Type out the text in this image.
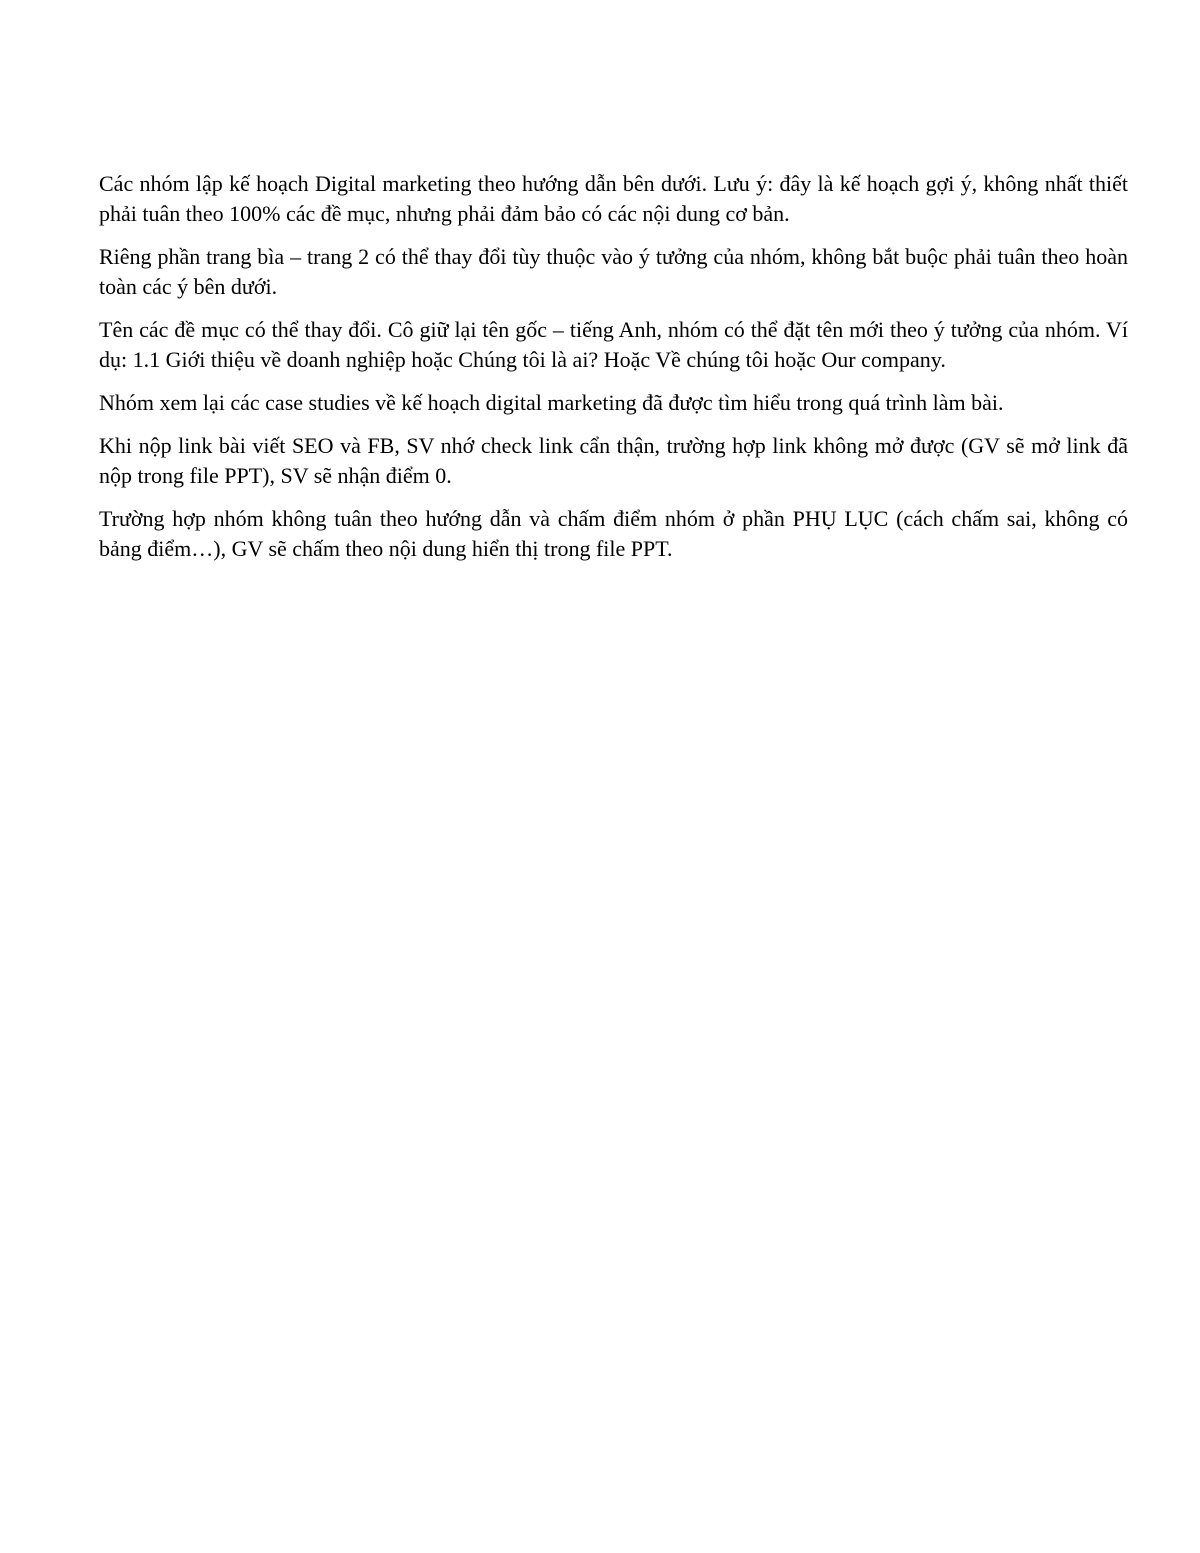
Các nhóm lập kế hoạch Digital marketing theo hướng dẫn bên dưới. Lưu ý: đây là kế hoạch gợi ý, không nhất thiết phải tuân theo 100% các đề mục, nhưng phải đảm bảo có các nội dung cơ bản.

Riêng phần trang bìa – trang 2 có thể thay đổi tùy thuộc vào ý tưởng của nhóm, không bắt buộc phải tuân theo hoàn toàn các ý bên dưới.

Tên các đề mục có thể thay đổi. Cô giữ lại tên gốc – tiếng Anh, nhóm có thể đặt tên mới theo ý tưởng của nhóm. Ví dụ: 1.1 Giới thiệu về doanh nghiệp hoặc Chúng tôi là ai? Hoặc Về chúng tôi hoặc Our company.

Nhóm xem lại các case studies về kế hoạch digital marketing đã được tìm hiểu trong quá trình làm bài.

Khi nộp link bài viết SEO và FB, SV nhớ check link cẩn thận, trường hợp link không mở được (GV sẽ mở link đã nộp trong file PPT), SV sẽ nhận điểm 0.

Trường hợp nhóm không tuân theo hướng dẫn và chấm điểm nhóm ở phần PHỤ LỤC (cách chấm sai, không có bảng điểm…), GV sẽ chấm theo nội dung hiển thị trong file PPT.
